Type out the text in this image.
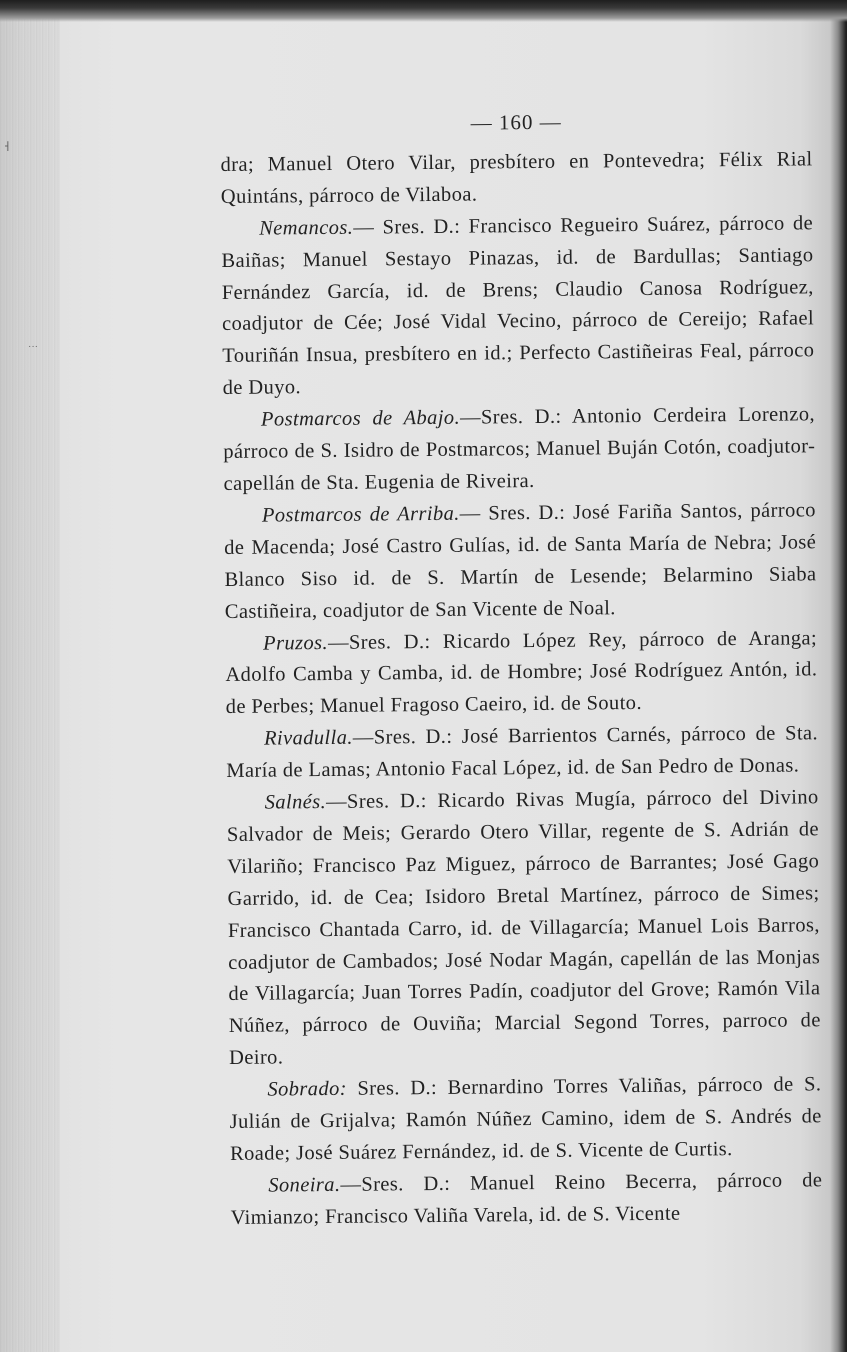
˧
˙˙˙
— 160 —

dra; Manuel Otero Vilar, presbítero en Pontevedra; Félix Rial Quintáns, párroco de Vilaboa.

Nemancos.— Sres. D.: Francisco Regueiro Suárez, párroco de Baiñas; Manuel Sestayo Pinazas, id. de Bardullas; Santiago Fernández García, id. de Brens; Claudio Canosa Rodríguez, coadjutor de Cée; José Vidal Vecino, párroco de Cereijo; Rafael Touriñán Insua, presbítero en id.; Perfecto Castiñeiras Feal, párroco de Duyo.

Postmarcos de Abajo.—Sres. D.: Antonio Cerdeira Lorenzo, párroco de S. Isidro de Postmarcos; Manuel Buján Cotón, coadjutor-capellán de Sta. Eugenia de Riveira.

Postmarcos de Arriba.— Sres. D.: José Fariña Santos, párroco de Macenda; José Castro Gulías, id. de Santa María de Nebra; José Blanco Siso id. de S. Martín de Lesende; Belarmino Siaba Castiñeira, coadjutor de San Vicente de Noal.

Pruzos.—Sres. D.: Ricardo López Rey, párroco de Aranga; Adolfo Camba y Camba, id. de Hombre; José Rodríguez Antón, id. de Perbes; Manuel Fragoso Caeiro, id. de Souto.

Rivadulla.—Sres. D.: José Barrientos Carnés, párroco de Sta. María de Lamas; Antonio Facal López, id. de San Pedro de Donas.

Salnés.—Sres. D.: Ricardo Rivas Mugía, párroco del Divino Salvador de Meis; Gerardo Otero Villar, regente de S. Adrián de Vilariño; Francisco Paz Miguez, párroco de Barrantes; José Gago Garrido, id. de Cea; Isidoro Bretal Martínez, párroco de Simes; Francisco Chantada Carro, id. de Villagarcía; Manuel Lois Barros, coadjutor de Cambados; José Nodar Magán, capellán de las Monjas de Villagarcía; Juan Torres Padín, coadjutor del Grove; Ramón Vila Núñez, párroco de Ouviña; Marcial Segond Torres, parroco de Deiro.

Sobrado: Sres. D.: Bernardino Torres Valiñas, párroco de S. Julián de Grijalva; Ramón Núñez Camino, idem de S. Andrés de Roade; José Suárez Fernández, id. de S. Vicente de Curtis.

Soneira.—Sres. D.: Manuel Reino Becerra, párroco de Vimianzo; Francisco Valiña Varela, id. de S. Vicente
